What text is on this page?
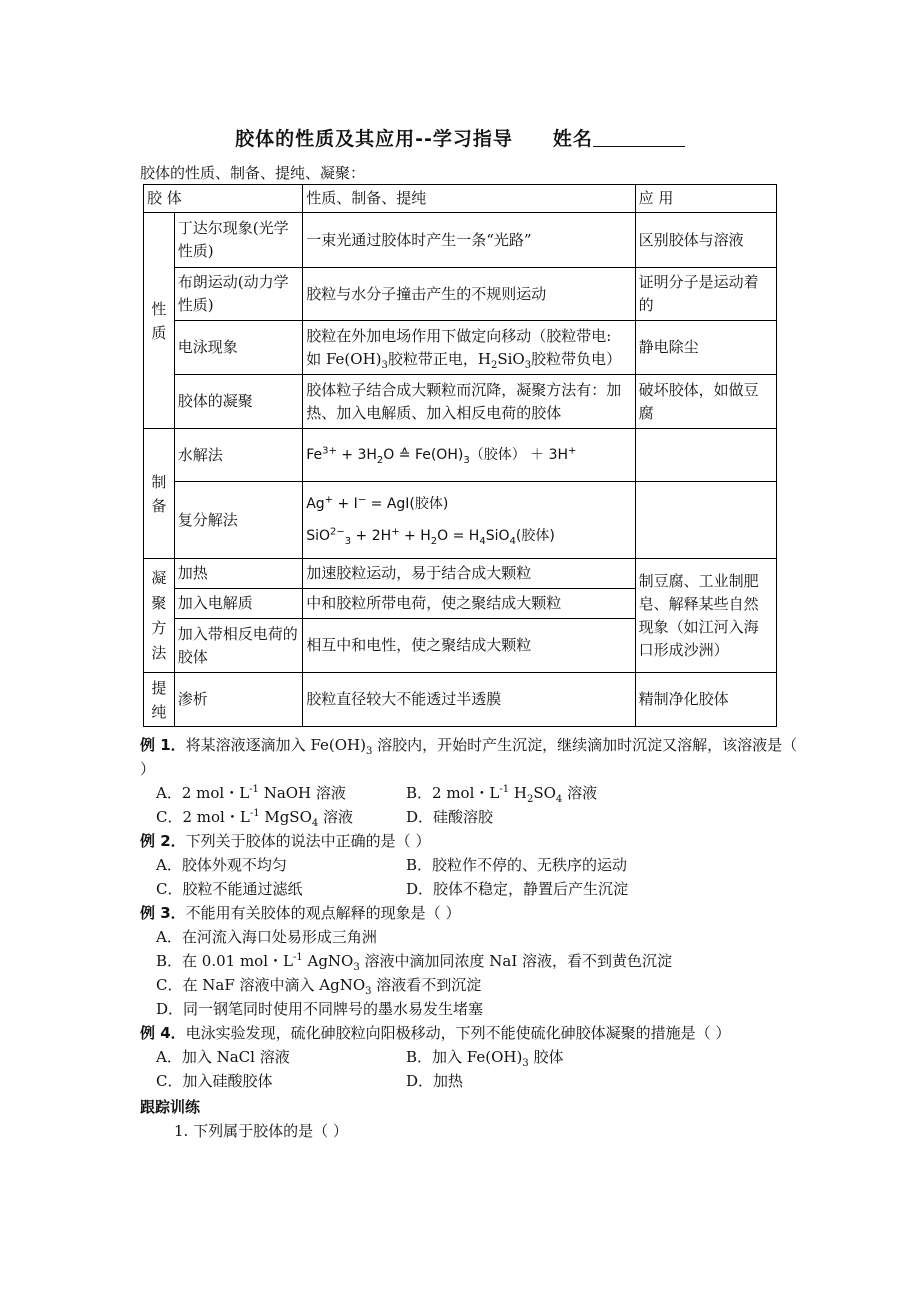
胶体的性质及其应用--学习指导 姓名
胶体的性质、制备、提纯、凝聚：
胶 体		性质、制备、提纯	应 用
性质	丁达尔现象(光学性质)	一束光通过胶体时产生一条“光路”	区别胶体与溶液
	布朗运动(动力学性质)	胶粒与水分子撞击产生的不规则运动	证明分子是运动着的
	电泳现象	胶粒在外加电场作用下做定向移动（胶粒带电:
如 $Fe(OH)_3$胶粒带正电，$H_2SiO_3$胶粒带负电）	静电除尘
	胶体的凝聚	胶体粒子结合成大颗粒而沉降，凝聚方法有：加热、加入电解质、加入相反电荷的胶体	破坏胶体，如做豆腐
制备	水解法	$Fe^{3+} + 3H_2O$ ≙ $Fe(OH)_3$（胶体） ＋ 3H+	
	复分解法	Ag+ + I− = AgI(胶体)
$SiO^{2-}_3 + 2H^+ + H_2O = H_4SiO_4$(胶体)	

凝聚方法	加热	加速胶粒运动，易于结合成大颗粒	制豆腐、工业制肥皂、解释某些自然现象（如江河入海口形成沙洲）
	加入电解质	中和胶粒所带电荷，使之聚结成大颗粒	
	加入带相反电荷的胶体	相互中和电性，使之聚结成大颗粒	
提纯	渗析	胶粒直径较大不能透过半透膜	精制净化胶体
例 1．将某溶液逐滴加入 $Fe(OH)_3$ 溶胶内，开始时产生沉淀，继续滴加时沉淀又溶解，该溶液是（ ）
A．2 mol・$L^{-1}$ NaOH 溶液	B．2 mol・$L^{-1}$ $H_2SO_4$ 溶液
C．2 mol・$L^{-1}$ MgSO$_4$ 溶液	D．硅酸溶胶
例 2．下列关于胶体的说法中正确的是（ ）
A．胶体外观不均匀	B．胶粒作不停的、无秩序的运动
C．胶粒不能通过滤纸	D．胶体不稳定，静置后产生沉淀
例 3．不能用有关胶体的观点解释的现象是（ ）
A．在河流入海口处易形成三角洲
B．在 0.01 mol・$L^{-1}$ AgNO$_3$ 溶液中滴加同浓度 NaI 溶液，看不到黄色沉淀
C．在 NaF 溶液中滴入 AgNO$_3$ 溶液看不到沉淀
D．同一钢笔同时使用不同牌号的墨水易发生堵塞
例 4．电泳实验发现，硫化砷胶粒向阳极移动，下列不能使硫化砷胶体凝聚的措施是（ ）
A．加入 NaCl 溶液	B．加入 $Fe(OH)_3$ 胶体
C．加入硅酸胶体	D．加热
跟踪训练
1. 下列属于胶体的是（ ）
